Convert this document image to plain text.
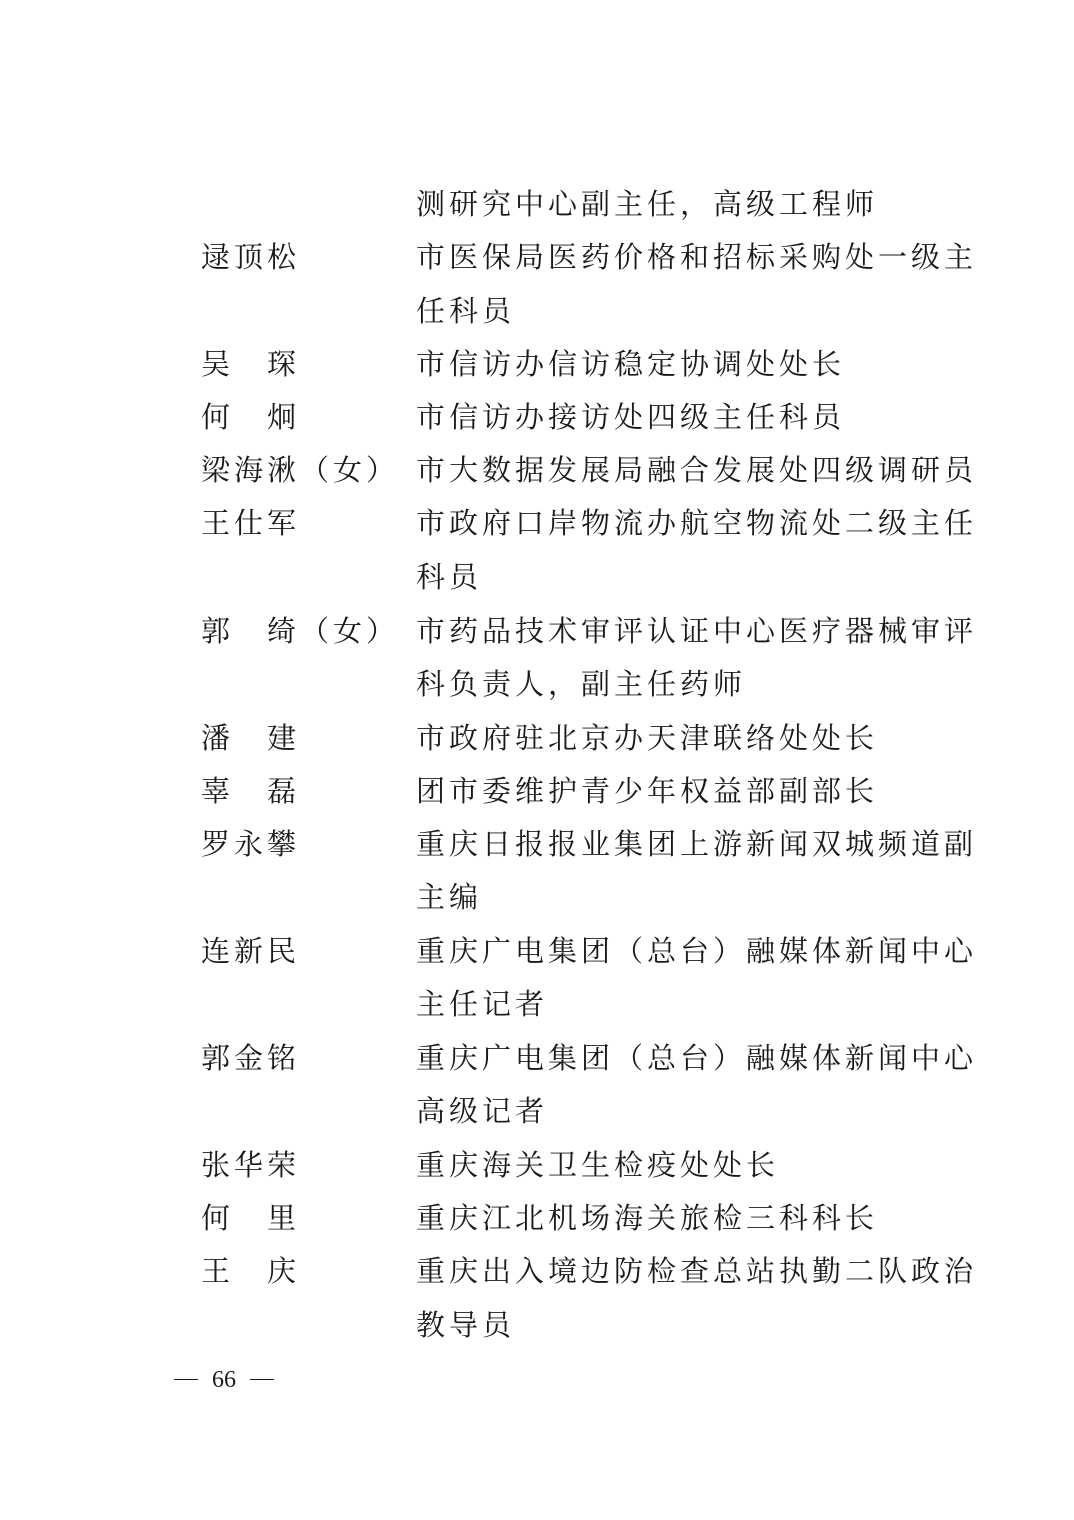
测研究中心副主任，高级工程师
逯顶松	市医保局医药价格和招标采购处一级主
任科员
吴　琛	市信访办信访稳定协调处处长
何　炯	市信访办接访处四级主任科员
梁海湫（女） 市大数据发展局融合发展处四级调研员
王仕军	市政府口岸物流办航空物流处二级主任
科员
郭　绮（女） 市药品技术审评认证中心医疗器械审评
科负责人，副主任药师
潘　建	市政府驻北京办天津联络处处长
辜　磊	团市委维护青少年权益部副部长
罗永攀	重庆日报报业集团上游新闻双城频道副
主编
连新民	重庆广电集团（总台）融媒体新闻中心
主任记者
郭金铭	重庆广电集团（总台）融媒体新闻中心
高级记者
张华荣	重庆海关卫生检疫处处长
何　里	重庆江北机场海关旅检三科科长
王　庆	重庆出入境边防检查总站执勤二队政治
教导员
66
